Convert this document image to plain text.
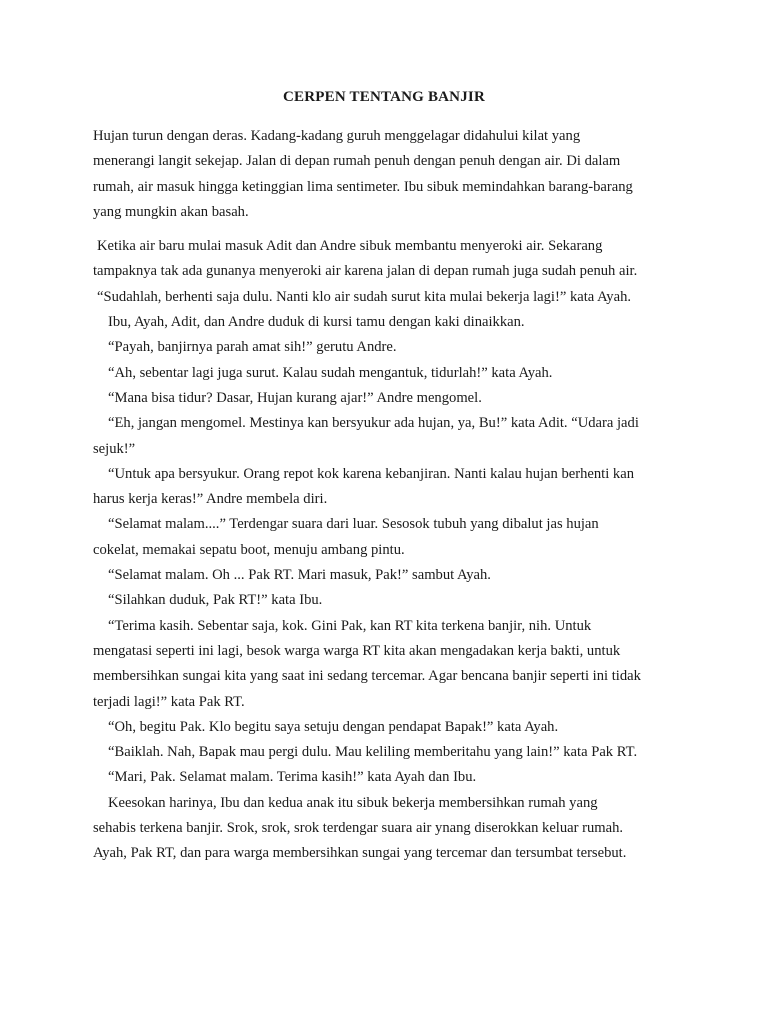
CERPEN TENTANG BANJIR
Hujan turun dengan deras. Kadang-kadang guruh menggelagar didahului kilat yang
menerangi langit sekejap. Jalan di depan rumah penuh dengan penuh dengan air. Di dalam
rumah, air masuk hingga ketinggian lima sentimeter. Ibu sibuk memindahkan barang-barang
yang mungkin akan basah.
Ketika air baru mulai masuk Adit dan Andre sibuk membantu menyeroki air. Sekarang
tampaknya tak ada gunanya menyeroki air karena jalan di depan rumah juga sudah penuh air.
“Sudahlah, berhenti saja dulu. Nanti klo air sudah surut kita mulai bekerja lagi!” kata Ayah.
Ibu, Ayah, Adit, dan Andre duduk di kursi tamu dengan kaki dinaikkan.
“Payah, banjirnya parah amat sih!” gerutu Andre.
“Ah, sebentar lagi juga surut. Kalau sudah mengantuk, tidurlah!” kata Ayah.
“Mana bisa tidur? Dasar, Hujan kurang ajar!” Andre mengomel.
“Eh, jangan mengomel. Mestinya kan bersyukur ada hujan, ya, Bu!” kata Adit. “Udara jadi
sejuk!”
“Untuk apa bersyukur. Orang repot kok karena kebanjiran. Nanti kalau hujan berhenti kan
harus kerja keras!” Andre membela diri.
“Selamat malam....” Terdengar suara dari luar. Sesosok tubuh yang dibalut jas hujan
cokelat, memakai sepatu boot, menuju ambang pintu.
“Selamat malam. Oh ... Pak RT. Mari masuk, Pak!” sambut Ayah.
“Silahkan duduk, Pak RT!” kata Ibu.
“Terima kasih. Sebentar saja, kok. Gini Pak, kan RT kita terkena banjir, nih. Untuk
mengatasi seperti ini lagi, besok warga warga RT kita akan mengadakan kerja bakti, untuk
membersihkan sungai kita yang saat ini sedang tercemar. Agar bencana banjir seperti ini tidak
terjadi lagi!” kata Pak RT.
“Oh, begitu Pak. Klo begitu saya setuju dengan pendapat Bapak!” kata Ayah.
“Baiklah. Nah, Bapak mau pergi dulu. Mau keliling memberitahu yang lain!” kata Pak RT.
“Mari, Pak. Selamat malam. Terima kasih!” kata Ayah dan Ibu.
Keesokan harinya, Ibu dan kedua anak itu sibuk bekerja membersihkan rumah yang
sehabis terkena banjir. Srok, srok, srok terdengar suara air ynang diserokkan keluar rumah.
Ayah, Pak RT, dan para warga membersihkan sungai yang tercemar dan tersumbat tersebut.
